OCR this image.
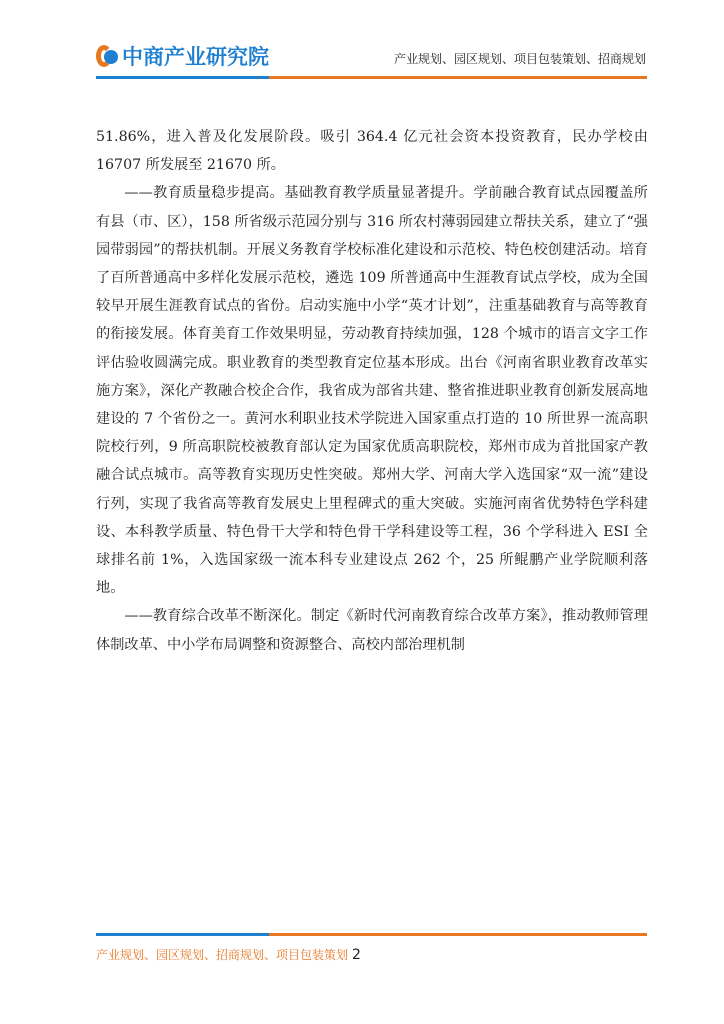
中商产业研究院	产业规划、园区规划、项目包装策划、招商规划

51.86%，进入普及化发展阶段。吸引 364.4 亿元社会资本投资教育，民办学校由 16707 所发展至 21670 所。

——教育质量稳步提高。基础教育教学质量显著提升。学前融合教育试点园覆盖所有县（市、区），158 所省级示范园分别与 316 所农村薄弱园建立帮扶关系，建立了“强园带弱园”的帮扶机制。开展义务教育学校标准化建设和示范校、特色校创建活动。培育了百所普通高中多样化发展示范校，遴选 109 所普通高中生涯教育试点学校，成为全国较早开展生涯教育试点的省份。启动实施中小学“英才计划”，注重基础教育与高等教育的衔接发展。体育美育工作效果明显，劳动教育持续加强，128 个城市的语言文字工作评估验收圆满完成。职业教育的类型教育定位基本形成。出台《河南省职业教育改革实施方案》，深化产教融合校企合作，我省成为部省共建、整省推进职业教育创新发展高地建设的 7 个省份之一。黄河水利职业技术学院进入国家重点打造的 10 所世界一流高职院校行列，9 所高职院校被教育部认定为国家优质高职院校，郑州市成为首批国家产教融合试点城市。高等教育实现历史性突破。郑州大学、河南大学入选国家“双一流”建设行列，实现了我省高等教育发展史上里程碑式的重大突破。实施河南省优势特色学科建设、本科教学质量、特色骨干大学和特色骨干学科建设等工程，36 个学科进入 ESI 全球排名前 1%，入选国家级一流本科专业建设点 262 个，25 所鲲鹏产业学院顺利落地。

——教育综合改革不断深化。制定《新时代河南教育综合改革方案》，推动教师管理体制改革、中小学布局调整和资源整合、高校内部治理机制

产业规划、园区规划、招商规划、项目包装策划 2
